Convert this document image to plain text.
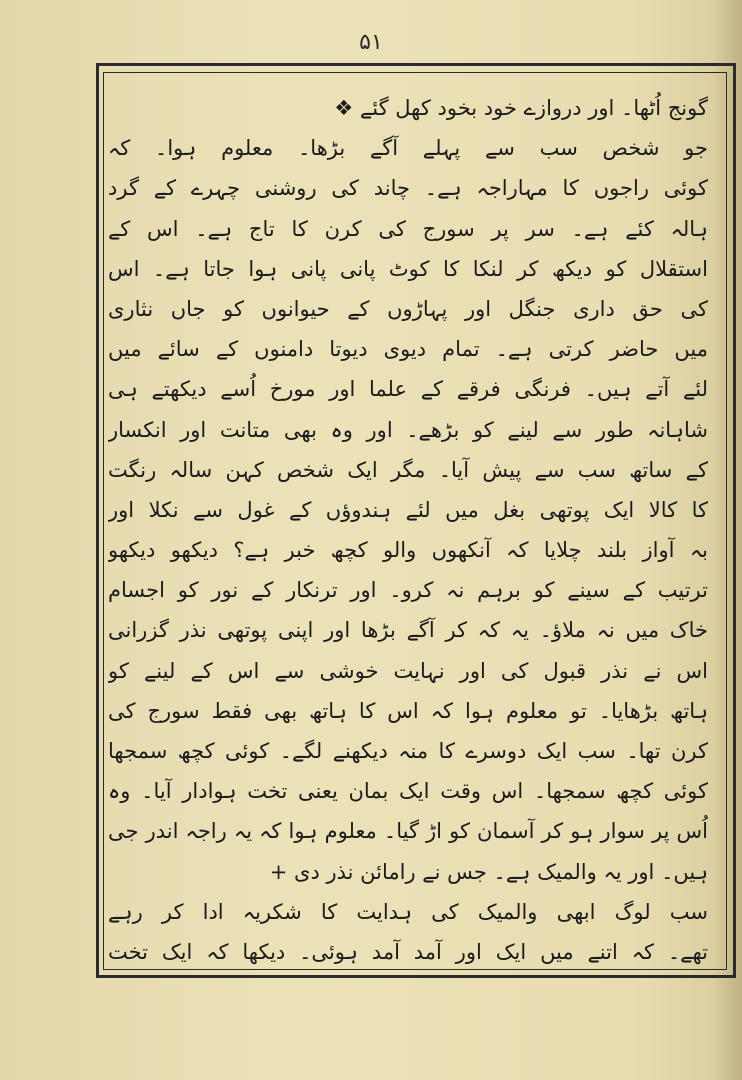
۵۱
گونج اُٹھا۔ اور دروازے خود بخود کھل گئے ❖
جو شخص سب سے پہلے آگے بڑھا۔ معلوم ہوا۔ کہ
کوئی راجوں کا مہاراجہ ہے۔ چاند کی روشنی چہرے کے گرد
ہالہ کئے ہے۔ سر پر سورج کی کرن کا تاج ہے۔ اس کے
استقلال کو دیکھ کر لنکا کا کوٹ پانی پانی ہوا جاتا ہے۔ اس
کی حق داری جنگل اور پہاڑوں کے حیوانوں کو جاں نثاری
میں حاضر کرتی ہے۔ تمام دیوی دیوتا دامنوں کے سائے میں
لئے آتے ہیں۔ فرنگی فرقے کے علما اور مورخ اُسے دیکھتے ہی
شاہانہ طور سے لینے کو بڑھے۔ اور وہ بھی متانت اور انکسار
کے ساتھ سب سے پیش آیا۔ مگر ایک شخص کہن سالہ رنگت
کا کالا ایک پوتھی بغل میں لئے ہندوؤں کے غول سے نکلا اور
بہ آواز بلند چلایا کہ آنکھوں والو کچھ خبر ہے؟ دیکھو دیکھو
ترتیب کے سینے کو برہم نہ کرو۔ اور ترنکار کے نور کو اجسام
خاک میں نہ ملاؤ۔ یہ کہ کر آگے بڑھا اور اپنی پوتھی نذر گزرانی
اس نے نذر قبول کی اور نہایت خوشی سے اس کے لینے کو
ہاتھ بڑھایا۔ تو معلوم ہوا کہ اس کا ہاتھ بھی فقط سورج کی
کرن تھا۔ سب ایک دوسرے کا منہ دیکھنے لگے۔ کوئی کچھ سمجھا
کوئی کچھ سمجھا۔ اس وقت ایک بمان یعنی تخت ہوادار آیا۔ وہ
اُس پر سوار ہو کر آسمان کو اڑ گیا۔ معلوم ہوا کہ یہ راجہ اندر جی
ہیں۔ اور یہ والمیک ہے۔ جس نے رامائن نذر دی +
سب لوگ ابھی والمیک کی ہدایت کا شکریہ ادا کر رہے
تھے۔ کہ اتنے میں ایک اور آمد آمد ہوئی۔ دیکھا کہ ایک تخت
